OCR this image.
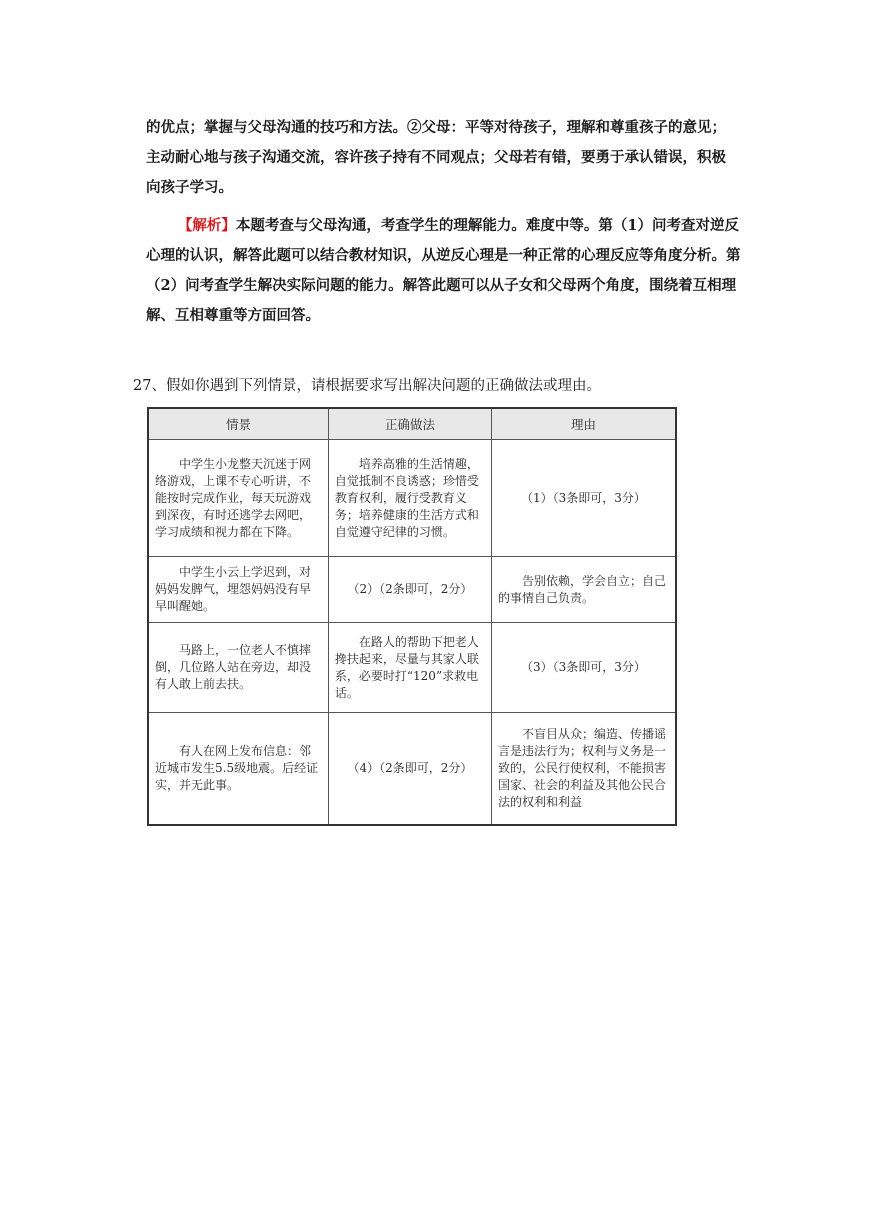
的优点；掌握与父母沟通的技巧和方法。②父母：平等对待孩子，理解和尊重孩子的意见；

主动耐心地与孩子沟通交流，容许孩子持有不同观点；父母若有错，要勇于承认错误，积极

向孩子学习。

【解析】本题考查与父母沟通，考查学生的理解能力。难度中等。第（1）问考查对逆反心理的认识，解答此题可以结合教材知识，从逆反心理是一种正常的心理反应等角度分析。第（2）问考查学生解决实际问题的能力。解答此题可以从子女和父母两个角度，围绕着互相理解、互相尊重等方面回答。

27、假如你遇到下列情景，请根据要求写出解决问题的正确做法或理由。
情景	正确做法	理由
中学生小龙整天沉迷于网络游戏，上课不专心听讲，不能按时完成作业，每天玩游戏到深夜，有时还逃学去网吧，学习成绩和视力都在下降。	培养高雅的生活情趣，自觉抵制不良诱惑；珍惜受教育权利，履行受教育义务；培养健康的生活方式和自觉遵守纪律的习惯。	（1）（3条即可，3分）
中学生小云上学迟到，对妈妈发脾气，埋怨妈妈没有早早叫醒她。	（2）（2条即可，2分）	告别依赖，学会自立；自己的事情自己负责。
马路上，一位老人不慎摔倒，几位路人站在旁边，却没有人敢上前去扶。	在路人的帮助下把老人搀扶起来，尽量与其家人联系，必要时打“120”求救电话。	（3）（3条即可，3分）
有人在网上发布信息：邻近城市发生5.5级地震。后经证实，并无此事。	（4）（2条即可，2分）	不盲目从众；编造、传播谣言是违法行为；权利与义务是一致的，公民行使权利，不能损害国家、社会的利益及其他公民合法的权利和利益
